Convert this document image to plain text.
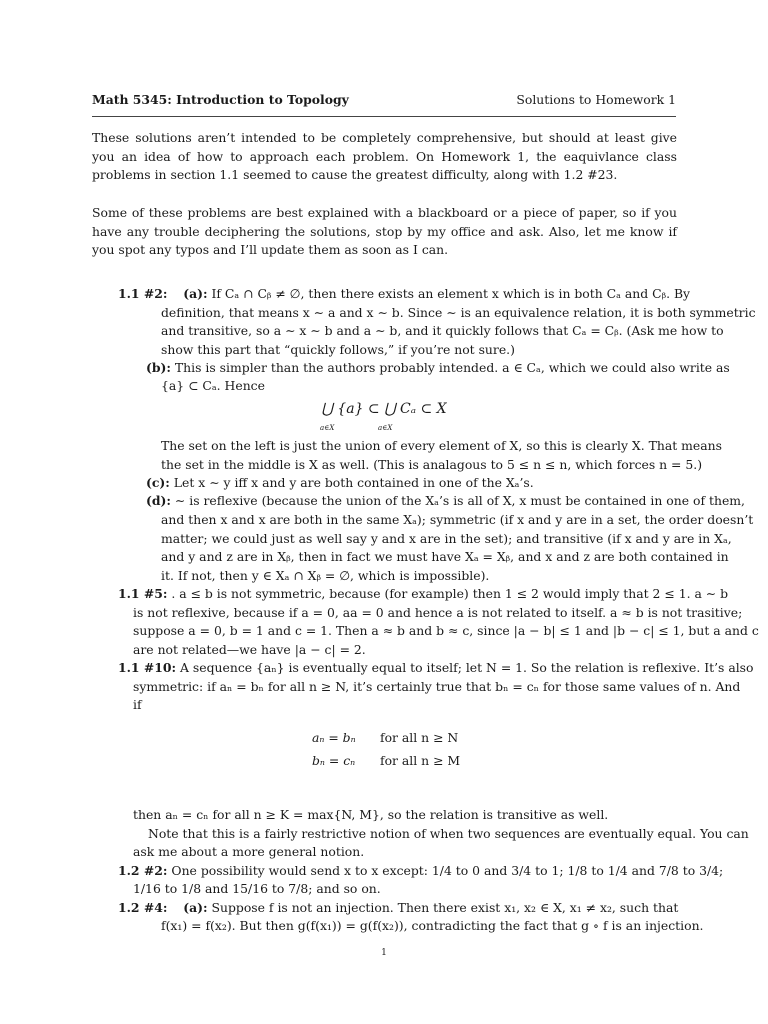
Math 5345: Introduction to Topology	Solutions to Homework 1
These solutions aren’t intended to be completely comprehensive, but should at least give you an idea of how to approach each problem. On Homework 1, the eaquivlance class problems in section 1.1 seemed to cause the greatest difficulty, along with 1.2 #23.
Some of these problems are best explained with a blackboard or a piece of paper, so if you have any trouble deciphering the solutions, stop by my office and ask. Also, let me know if you spot any typos and I’ll update them as soon as I can.
1.1 #2: (a): If Cₐ ∩ Cᵦ ≠ ∅, then there exists an element x which is in both Cₐ and Cᵦ. By
definition, that means x ∼ a and x ∼ b. Since ∼ is an equivalence relation, it is both symmetric
and transitive, so a ∼ x ∼ b and a ∼ b, and it quickly follows that Cₐ = Cᵦ. (Ask me how to
show this part that “quickly follows,” if you’re not sure.)
(b): This is simpler than the authors probably intended. a ∈ Cₐ, which we could also write as
{a} ⊂ Cₐ. Hence
⋃ {a} ⊂ ⋃ Cₐ ⊂ X
a∈X	a∈X
The set on the left is just the union of every element of X, so this is clearly X. That means
the set in the middle is X as well. (This is analagous to 5 ≤ n ≤ n, which forces n = 5.)
(c): Let x ∼ y iff x and y are both contained in one of the Xₐ’s.
(d): ∼ is reflexive (because the union of the Xₐ’s is all of X, x must be contained in one of them,
and then x and x are both in the same Xₐ); symmetric (if x and y are in a set, the order doesn’t
matter; we could just as well say y and x are in the set); and transitive (if x and y are in Xₐ,
and y and z are in Xᵦ, then in fact we must have Xₐ = Xᵦ, and x and z are both contained in
it. If not, then y ∈ Xₐ ∩ Xᵦ = ∅, which is impossible).
1.1 #5: . a ≤ b is not symmetric, because (for example) then 1 ≤ 2 would imply that 2 ≤ 1. a ∼ b
is not reflexive, because if a = 0, aa = 0 and hence a is not related to itself. a ≈ b is not trasitive;
suppose a = 0, b = 1 and c = 1. Then a ≈ b and b ≈ c, since |a − b| ≤ 1 and |b − c| ≤ 1, but a and c
are not related—we have |a − c| = 2.
1.1 #10: A sequence {aₙ} is eventually equal to itself; let N = 1. So the relation is reflexive. It’s also
symmetric: if aₙ = bₙ for all n ≥ N, it’s certainly true that bₙ = cₙ for those same values of n. And
if
aₙ = bₙ for all n ≥ N
bₙ = cₙ for all n ≥ M
then aₙ = cₙ for all n ≥ K = max{N, M}, so the relation is transitive as well.
Note that this is a fairly restrictive notion of when two sequences are eventually equal. You can
ask me about a more general notion.
1.2 #2: One possibility would send x to x except: 1/4 to 0 and 3/4 to 1; 1/8 to 1/4 and 7/8 to 3/4;
1/16 to 1/8 and 15/16 to 7/8; and so on.
1.2 #4: (a): Suppose f is not an injection. Then there exist x₁, x₂ ∈ X, x₁ ≠ x₂, such that
f(x₁) = f(x₂). But then g(f(x₁)) = g(f(x₂)), contradicting the fact that g ∘ f is an injection.
1
